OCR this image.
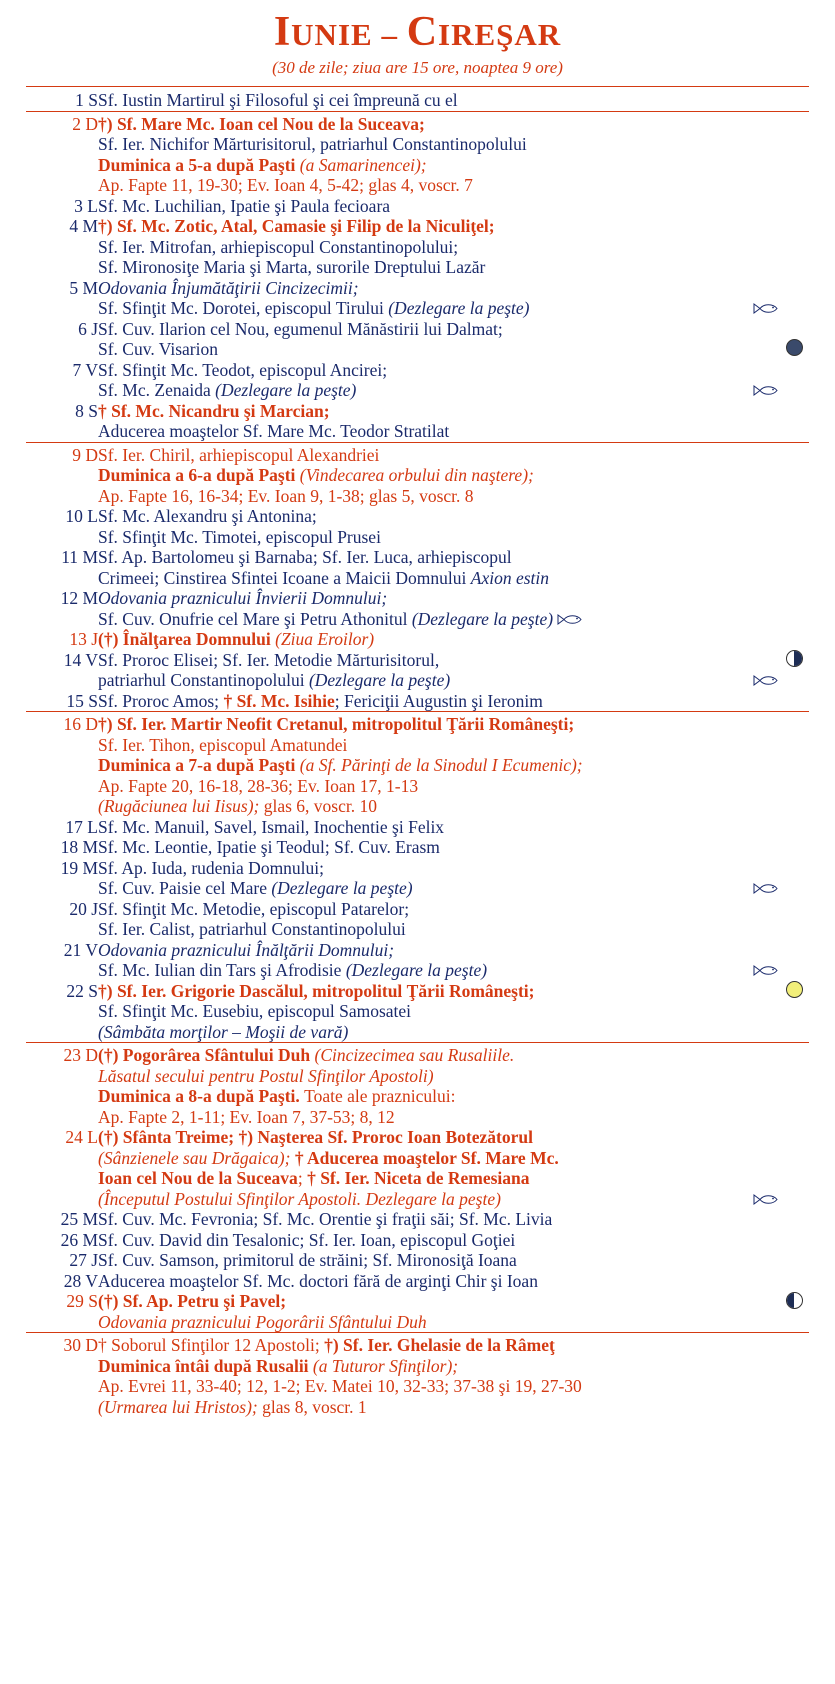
IUNIE – CIREŞAR
(30 de zile; ziua are 15 ore, noaptea 9 ore)
1 S	Sf. Iustin Martirul şi Filosoful şi cei împreună cu el	

2 D	†) Sf. Mare Mc. Ioan cel Nou de la Suceava;
Sf. Ier. Nichifor Mărturisitorul, patriarhul Constantinopolului
Duminica a 5-a după Paşti (a Samarinencei);
Ap. Fapte 11, 19-30; Ev. Ioan 4, 5-42; glas 4, voscr. 7	

3 L	Sf. Mc. Luchilian, Ipatie şi Paula fecioara	

4 M	†) Sf. Mc. Zotic, Atal, Camasie şi Filip de la Niculiţel;
Sf. Ier. Mitrofan, arhiepiscopul Constantinopolului;
Sf. Mironosiţe Maria şi Marta, surorile Dreptului Lazăr	

5 M	Odovania Înjumătăţirii Cincizecimii;
Sf. Sfinţit Mc. Dorotei, episcopul Tirului (Dezlegare la peşte)	

6 J	Sf. Cuv. Ilarion cel Nou, egumenul Mănăstirii lui Dalmat;
Sf. Cuv. Visarion	

7 V	Sf. Sfinţit Mc. Teodot, episcopul Ancirei;
Sf. Mc. Zenaida (Dezlegare la peşte)	

8 S	† Sf. Mc. Nicandru şi Marcian;
Aducerea moaştelor Sf. Mare Mc. Teodor Stratilat	

9 D	Sf. Ier. Chiril, arhiepiscopul Alexandriei
Duminica a 6-a după Paşti (Vindecarea orbului din naştere);
Ap. Fapte 16, 16-34; Ev. Ioan 9, 1-38; glas 5, voscr. 8	

10 L	Sf. Mc. Alexandru şi Antonina;
Sf. Sfinţit Mc. Timotei, episcopul Prusei	

11 M	Sf. Ap. Bartolomeu şi Barnaba; Sf. Ier. Luca, arhiepiscopul
Crimeei; Cinstirea Sfintei Icoane a Maicii Domnului Axion estin	

12 M	Odovania praznicului Învierii Domnului;
Sf. Cuv. Onufrie cel Mare şi Petru Athonitul (Dezlegare la peşte)	

13 J	(†) Înălţarea Domnului (Ziua Eroilor)	

14 V	Sf. Proroc Elisei; Sf. Ier. Metodie Mărturisitorul,
patriarhul Constantinopolului (Dezlegare la peşte)	

15 S	Sf. Proroc Amos; † Sf. Mc. Isihie; Fericiţii Augustin şi Ieronim	

16 D	†) Sf. Ier. Martir Neofit Cretanul, mitropolitul Ţării Româneşti;
Sf. Ier. Tihon, episcopul Amatundei
Duminica a 7-a după Paşti (a Sf. Părinţi de la Sinodul I Ecumenic);
Ap. Fapte 20, 16-18, 28-36; Ev. Ioan 17, 1-13
(Rugăciunea lui Iisus); glas 6, voscr. 10	

17 L	Sf. Mc. Manuil, Savel, Ismail, Inochentie şi Felix	

18 M	Sf. Mc. Leontie, Ipatie şi Teodul; Sf. Cuv. Erasm	

19 M	Sf. Ap. Iuda, rudenia Domnului;
Sf. Cuv. Paisie cel Mare (Dezlegare la peşte)	

20 J	Sf. Sfinţit Mc. Metodie, episcopul Patarelor;
Sf. Ier. Calist, patriarhul Constantinopolului	

21 V	Odovania praznicului Înălţării Domnului;
Sf. Mc. Iulian din Tars şi Afrodisie (Dezlegare la peşte)	

22 S	†) Sf. Ier. Grigorie Dascălul, mitropolitul Ţării Româneşti;
Sf. Sfinţit Mc. Eusebiu, episcopul Samosatei
(Sâmbăta morţilor – Moşii de vară)	

23 D	(†) Pogorârea Sfântului Duh (Cincizecimea sau Rusaliile.
Lăsatul secului pentru Postul Sfinţilor Apostoli)
Duminica a 8-a după Paşti. Toate ale praznicului:
Ap. Fapte 2, 1-11; Ev. Ioan 7, 37-53; 8, 12	

24 L	(†) Sfânta Treime; †) Naşterea Sf. Proroc Ioan Botezătorul
(Sânzienele sau Drăgaica); † Aducerea moaştelor Sf. Mare Mc.
Ioan cel Nou de la Suceava; † Sf. Ier. Niceta de Remesiana
(Începutul Postului Sfinţilor Apostoli. Dezlegare la peşte)	

25 M	Sf. Cuv. Mc. Fevronia; Sf. Mc. Orentie şi fraţii săi; Sf. Mc. Livia	

26 M	Sf. Cuv. David din Tesalonic; Sf. Ier. Ioan, episcopul Goţiei	

27 J	Sf. Cuv. Samson, primitorul de străini; Sf. Mironosiţă Ioana	

28 V	Aducerea moaştelor Sf. Mc. doctori fără de arginţi Chir şi Ioan	

29 S	(†) Sf. Ap. Petru şi Pavel;
Odovania praznicului Pogorârii Sfântului Duh	

30 D	† Soborul Sfinţilor 12 Apostoli; †) Sf. Ier. Ghelasie de la Râmeţ
Duminica întâi după Rusalii (a Tuturor Sfinţilor);
Ap. Evrei 11, 33-40; 12, 1-2; Ev. Matei 10, 32-33; 37-38 şi 19, 27-30
(Urmarea lui Hristos); glas 8, voscr. 1	
